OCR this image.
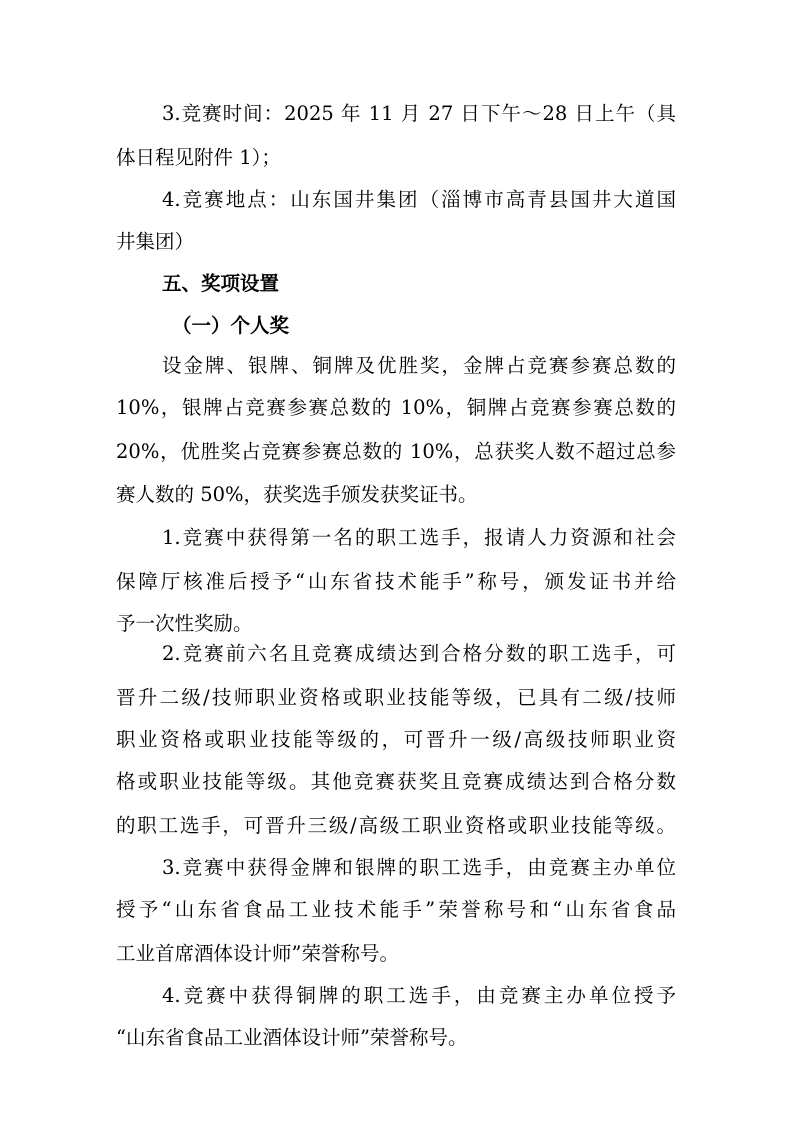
3.竞赛时间：2025 年 11 月 27 日下午～28 日上午（具
体日程见附件 1）；
4.竞赛地点：山东国井集团（淄博市高青县国井大道国
井集团）
五、奖项设置
（一）个人奖
设金牌、银牌、铜牌及优胜奖，金牌占竞赛参赛总数的
10%，银牌占竞赛参赛总数的 10%，铜牌占竞赛参赛总数的
20%，优胜奖占竞赛参赛总数的 10%，总获奖人数不超过总参
赛人数的 50%，获奖选手颁发获奖证书。
1.竞赛中获得第一名的职工选手，报请人力资源和社会
保障厅核准后授予“山东省技术能手”称号，颁发证书并给
予一次性奖励。
2.竞赛前六名且竞赛成绩达到合格分数的职工选手，可
晋升二级/技师职业资格或职业技能等级，已具有二级/技师
职业资格或职业技能等级的，可晋升一级/高级技师职业资
格或职业技能等级。其他竞赛获奖且竞赛成绩达到合格分数
的职工选手，可晋升三级/高级工职业资格或职业技能等级。
3.竞赛中获得金牌和银牌的职工选手，由竞赛主办单位
授予“山东省食品工业技术能手”荣誉称号和“山东省食品
工业首席酒体设计师”荣誉称号。
4.竞赛中获得铜牌的职工选手，由竞赛主办单位授予
“山东省食品工业酒体设计师”荣誉称号。
